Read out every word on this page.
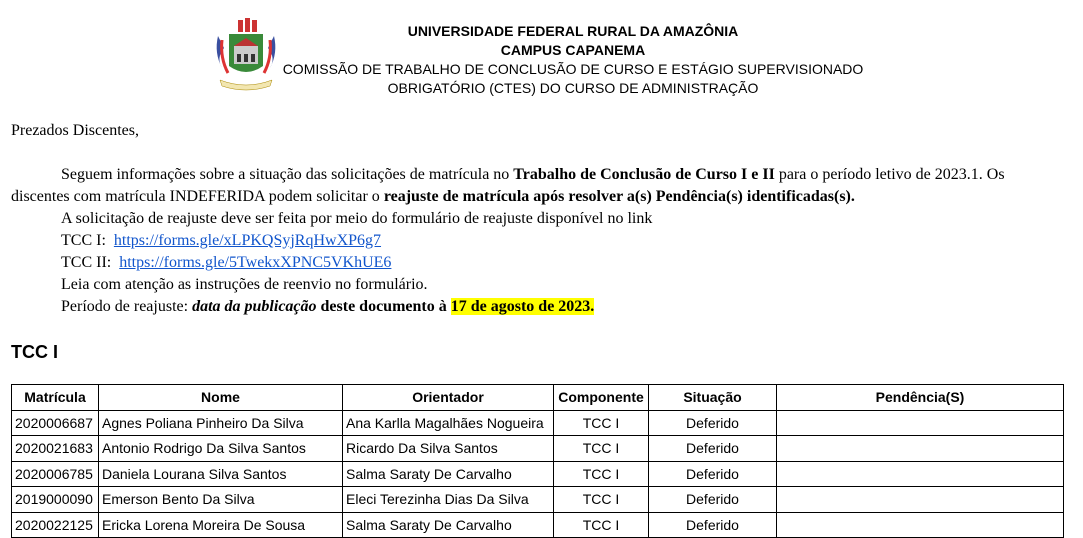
UNIVERSIDADE FEDERAL RURAL DA AMAZÔNIA
CAMPUS CAPANEMA
COMISSÃO DE TRABALHO DE CONCLUSÃO DE CURSO E ESTÁGIO SUPERVISIONADO
OBRIGATÓRIO (CTES) DO CURSO DE ADMINISTRAÇÃO
Prezados Discentes,
Seguem informações sobre a situação das solicitações de matrícula no Trabalho de Conclusão de Curso I e II para o período letivo de 2023.1. Os
discentes com matrícula INDEFERIDA podem solicitar o reajuste de matrícula após resolver a(s) Pendência(s) identificadas(s).
A solicitação de reajuste deve ser feita por meio do formulário de reajuste disponível no link
TCC I: https://forms.gle/xLPKQSyjRqHwXP6g7
TCC II: https://forms.gle/5TwekxXPNC5VKhUE6
Leia com atenção as instruções de reenvio no formulário.
Período de reajuste: data da publicação deste documento à 17 de agosto de 2023.
TCC I
Matrícula	Nome	Orientador	Componente	Situação	Pendência(S)
2020006687	Agnes Poliana Pinheiro Da Silva	Ana Karlla Magalhães Nogueira	TCC I	Deferido	
2020021683	Antonio Rodrigo Da Silva Santos	Ricardo Da Silva Santos	TCC I	Deferido	
2020006785	Daniela Lourana Silva Santos	Salma Saraty De Carvalho	TCC I	Deferido	
2019000090	Emerson Bento Da Silva	Eleci Terezinha Dias Da Silva	TCC I	Deferido	
2020022125	Ericka Lorena Moreira De Sousa	Salma Saraty De Carvalho	TCC I	Deferido	
